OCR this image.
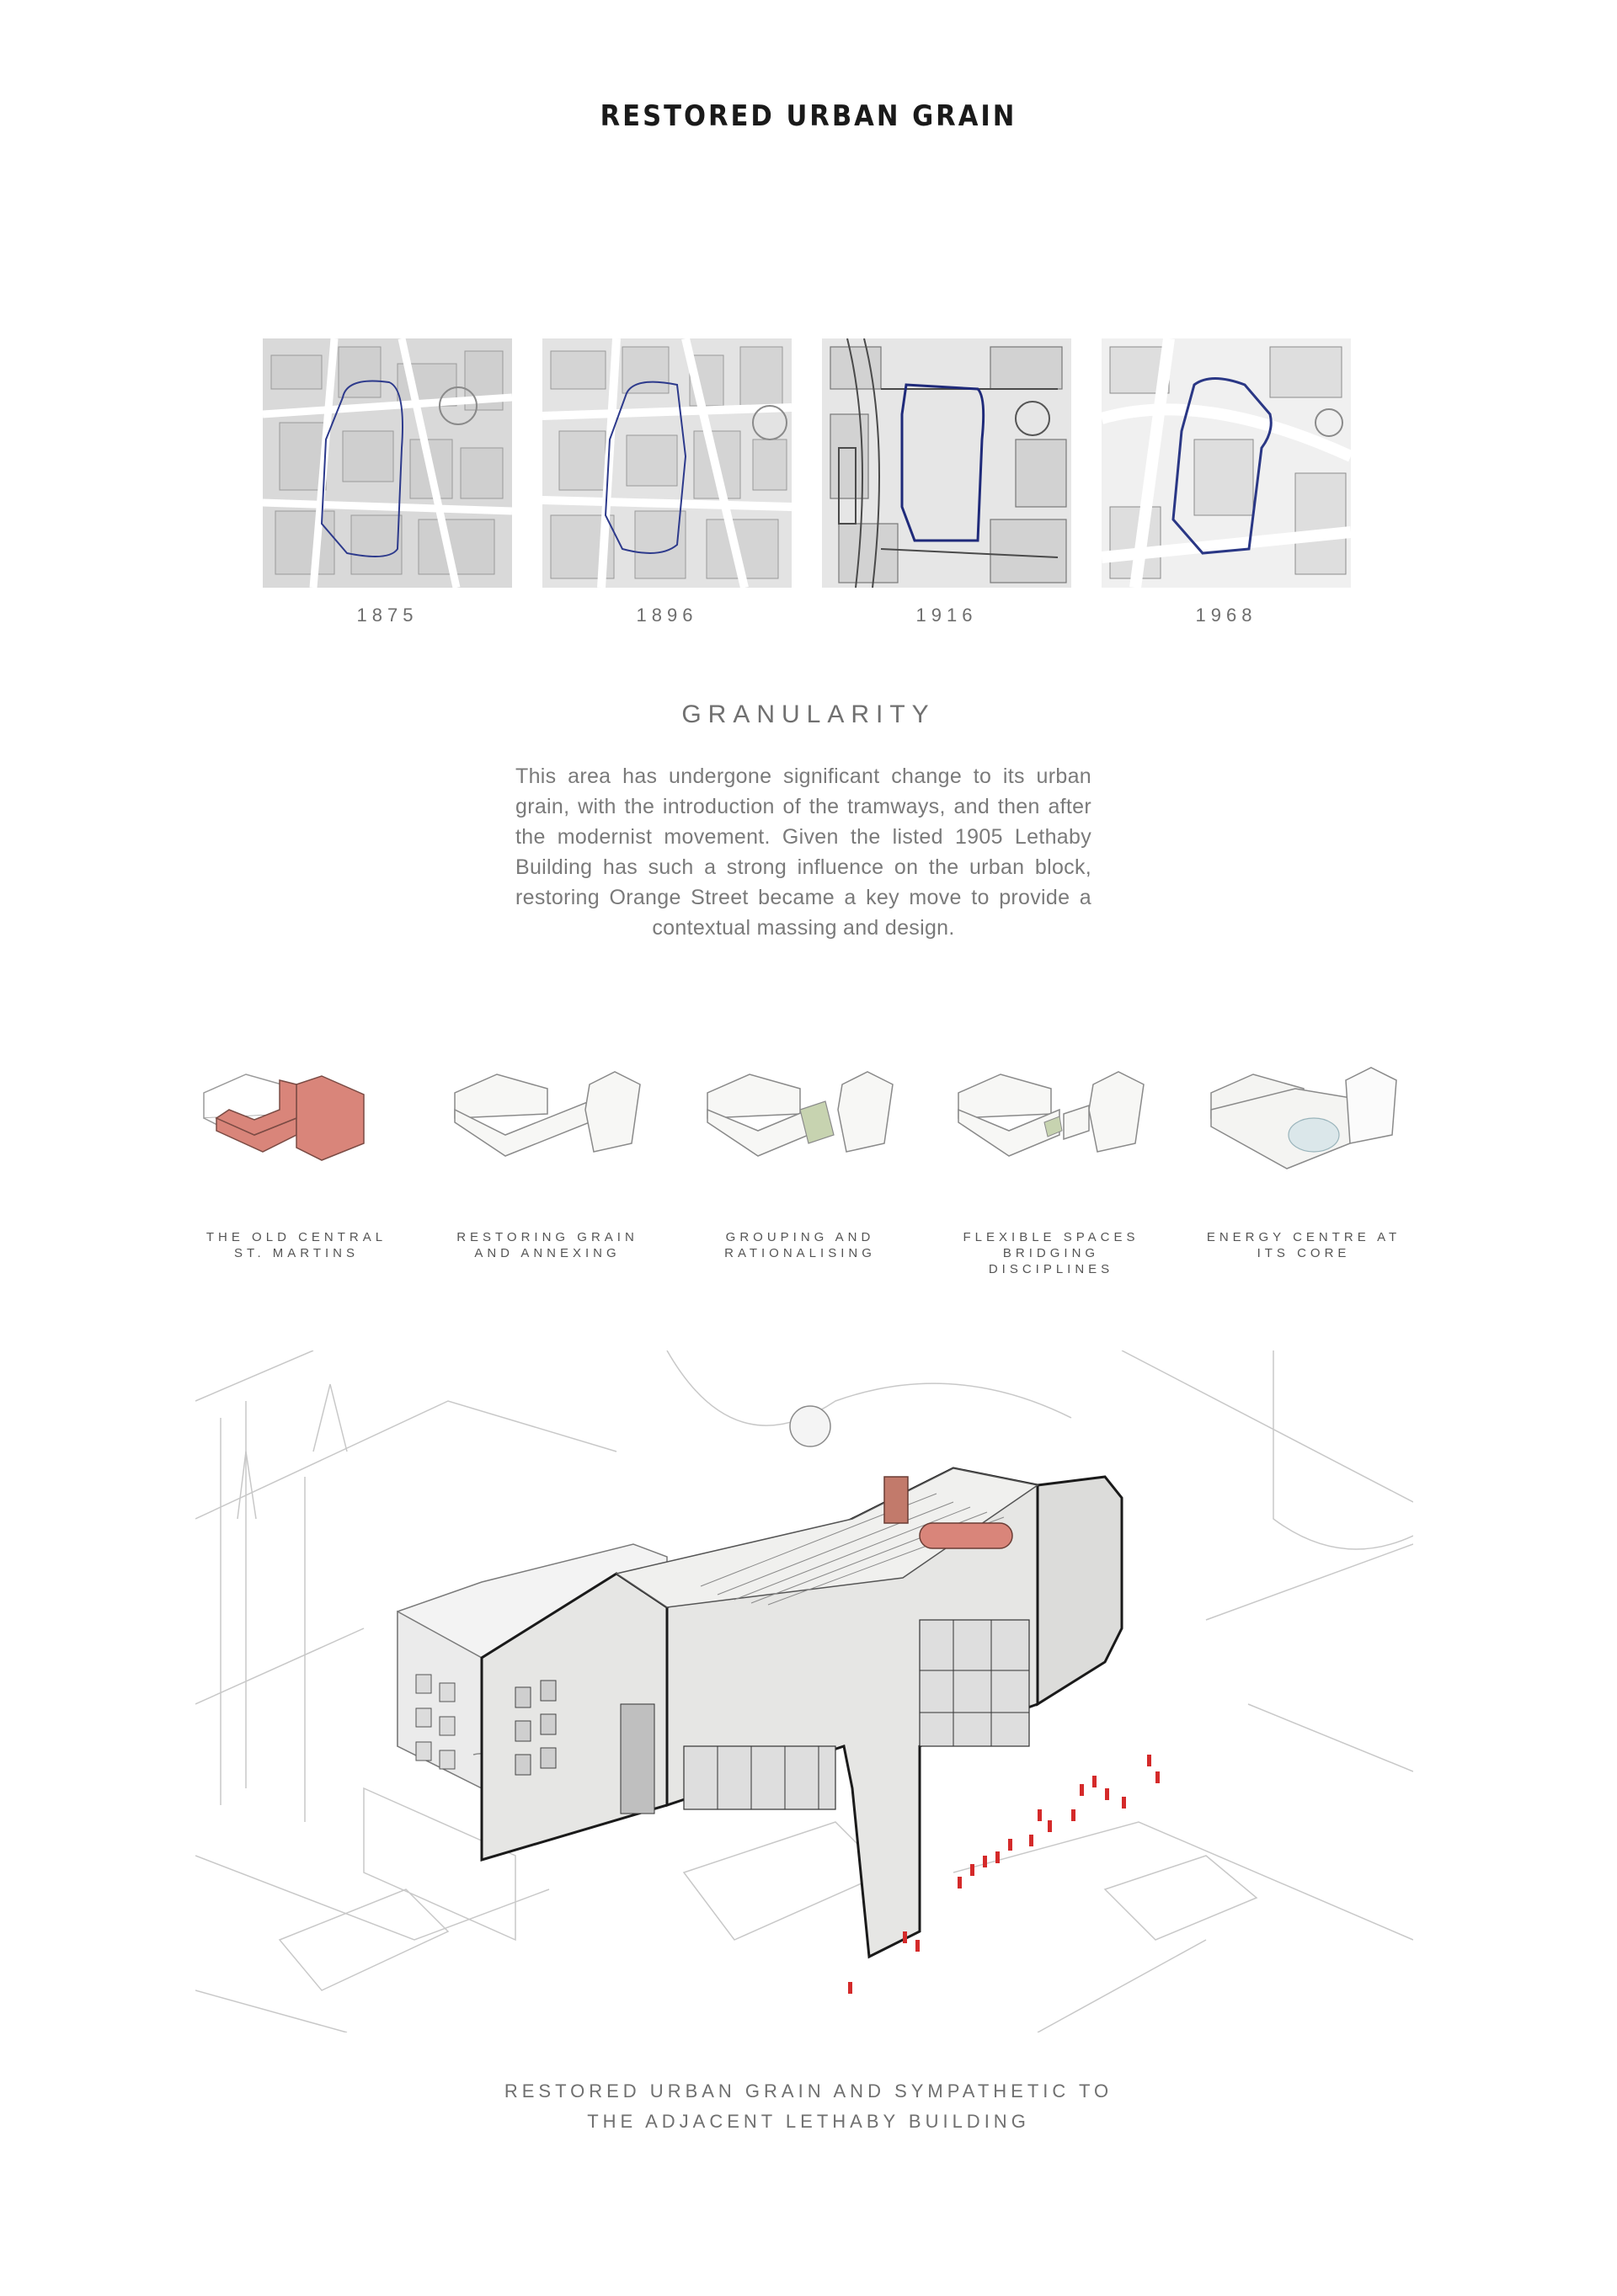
RESTORED URBAN GRAIN
1875	1896	1916	1968
GRANULARITY
This area has undergone significant change to its urban grain, with the introduction of the tramways, and then after the modernist movement. Given the listed 1905 Lethaby Building has such a strong influence on the urban block, restoring Orange Street became a key move to provide a contextual massing and design.
THE OLD CENTRAL
ST. MARTINS
RESTORING GRAIN
AND ANNEXING
GROUPING AND
RATIONALISING
FLEXIBLE SPACES
BRIDGING DISCIPLINES
ENERGY CENTRE AT
ITS CORE
RESTORED URBAN GRAIN AND SYMPATHETIC TO
THE ADJACENT LETHABY BUILDING
